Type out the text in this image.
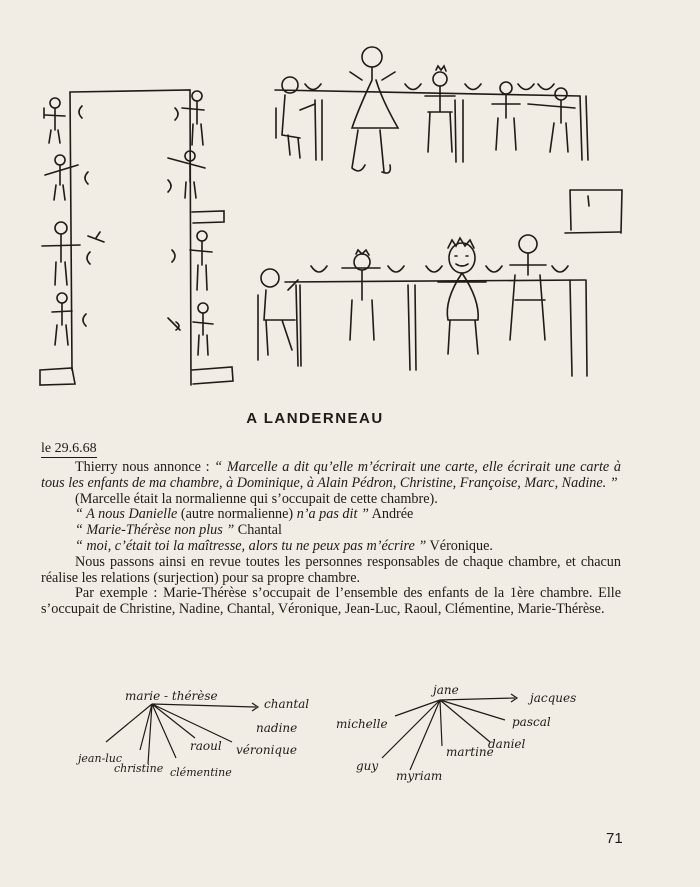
A LANDERNEAU
le 29.6.68

Thierry nous annonce : “ Marcelle a dit qu’elle m’écrirait une carte, elle écrirait une carte à tous les enfants de ma chambre, à Dominique, à Alain Pédron, Christine, Françoise, Marc, Nadine. ”

(Marcelle était la normalienne qui s’occupait de cette chambre).

“ A nous Danielle (autre normalienne) n’a pas dit ” Andrée

“ Marie-Thérèse non plus ” Chantal

“ moi, c’était toi la maîtresse, alors tu ne peux pas m’écrire ” Véronique.

Nous passons ainsi en revue toutes les personnes responsables de chaque chambre, et chacun réalise les relations (surjection) pour sa propre chambre.

Par exemple : Marie-Thérèse s’occupait de l’ensemble des enfants de la 1ère chambre. Elle s’occupait de Christine, Nadine, Chantal, Véronique, Jean-Luc, Raoul, Clémentine, Marie-Thérèse.

marie - thérèse
chantal
nadine
véronique
raoul
clémentine
christine
jean-luc
jane
jacques
pascal
daniel
martine
myriam
guy
michelle
71
